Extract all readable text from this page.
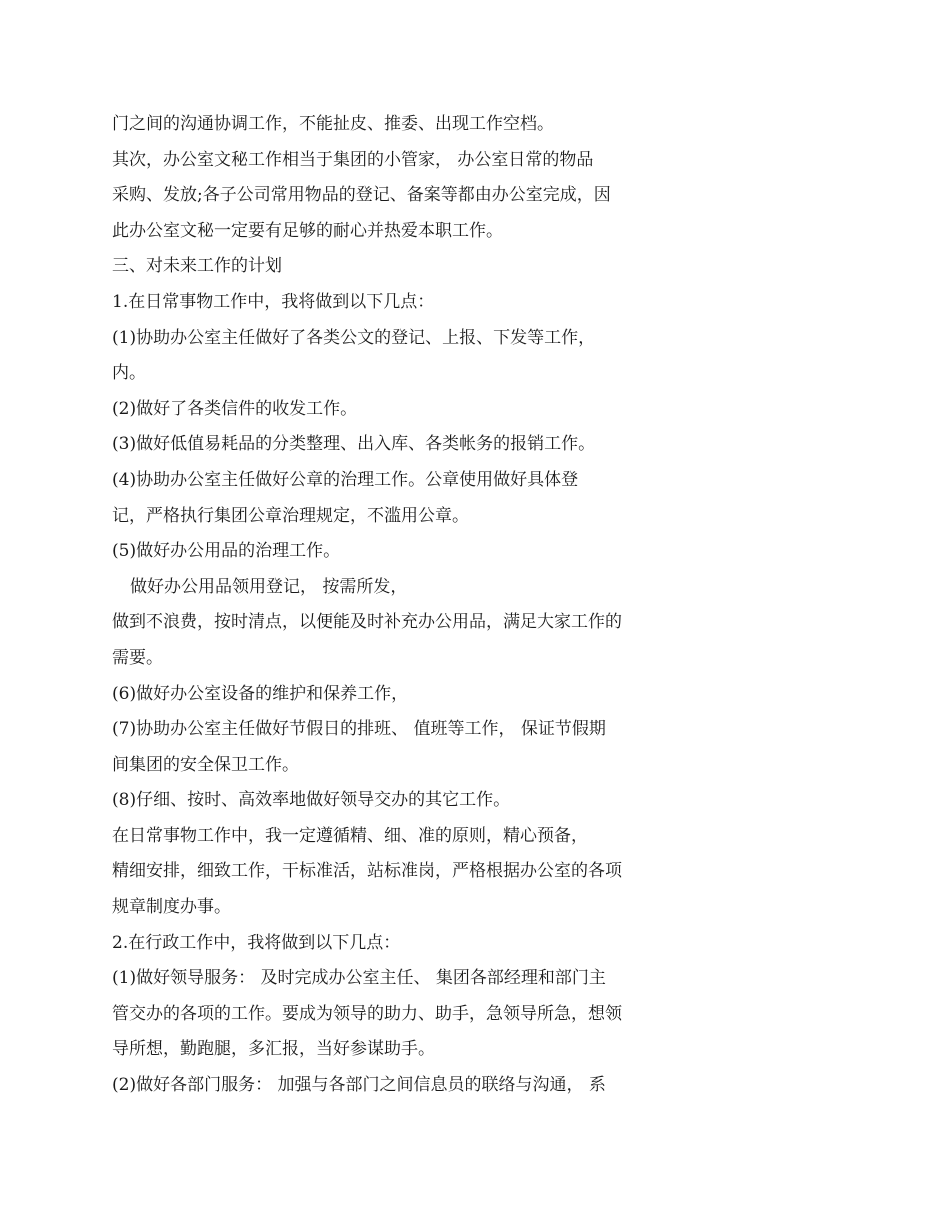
门之间的沟通协调工作，不能扯皮、推委、出现工作空档。
其次，办公室文秘工作相当于集团的小管家， 办公室日常的物品
采购、发放;各子公司常用物品的登记、备案等都由办公室完成，因
此办公室文秘一定要有足够的耐心并热爱本职工作。
三、对未来工作的计划
1.在日常事物工作中，我将做到以下几点：
(1)协助办公室主任做好了各类公文的登记、上报、下发等工作，
内。
(2)做好了各类信件的收发工作。
(3)做好低值易耗品的分类整理、出入库、各类帐务的报销工作。
(4)协助办公室主任做好公章的治理工作。公章使用做好具体登
记，严格执行集团公章治理规定，不滥用公章。
(5)做好办公用品的治理工作。
做好办公用品领用登记， 按需所发，
做到不浪费，按时清点，以便能及时补充办公用品，满足大家工作的
需要。
(6)做好办公室设备的维护和保养工作，
(7)协助办公室主任做好节假日的排班、 值班等工作， 保证节假期
间集团的安全保卫工作。
(8)仔细、按时、高效率地做好领导交办的其它工作。
在日常事物工作中，我一定遵循精、细、准的原则，精心预备，
精细安排，细致工作，干标准活，站标准岗，严格根据办公室的各项
规章制度办事。
2.在行政工作中，我将做到以下几点：
(1)做好领导服务： 及时完成办公室主任、 集团各部经理和部门主
管交办的各项的工作。要成为领导的助力、助手，急领导所急，想领
导所想，勤跑腿，多汇报，当好参谋助手。
(2)做好各部门服务： 加强与各部门之间信息员的联络与沟通， 系
